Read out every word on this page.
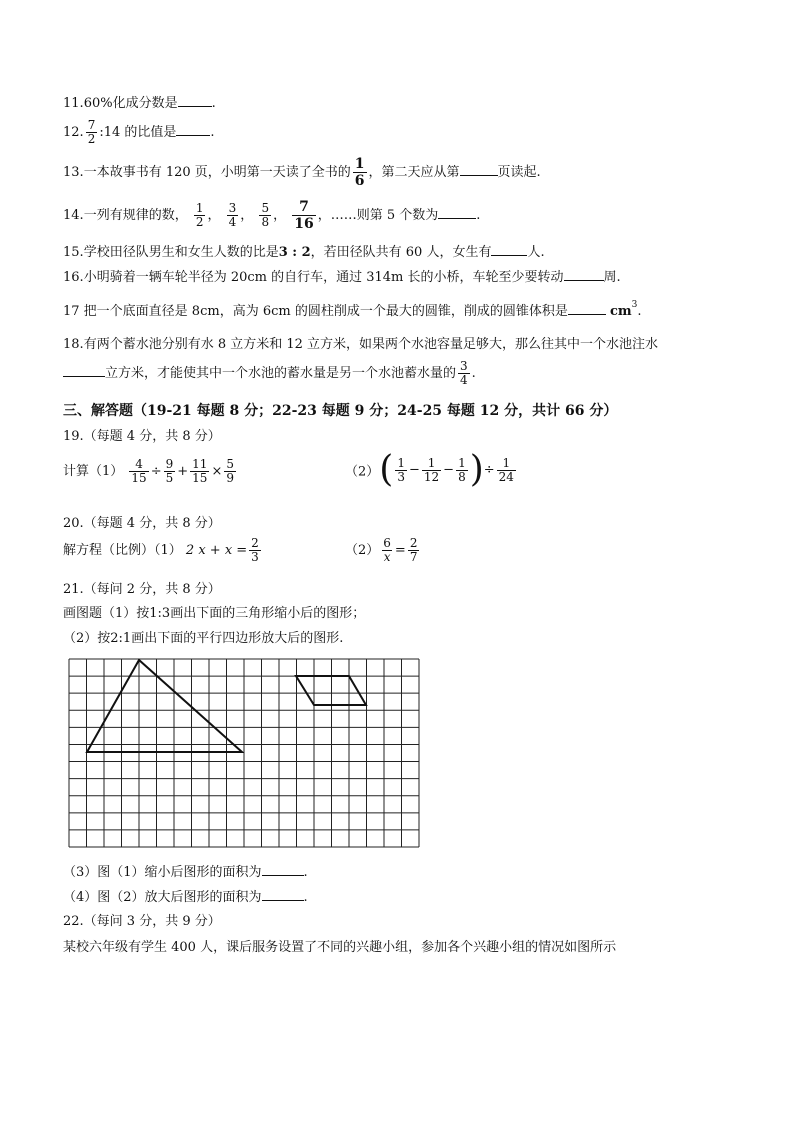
11.60%化成分数是	.
12. $\frac{7}{2}$ :14 的比值是	.
13.一本故事书有 120 页，小明第一天读了全书的 $\frac{1}{6}$ ，第二天应从第	页读起.
14.一列有规律的数， $\frac{1}{2}$ ， $\frac{3}{4}$ ， $\frac{5}{8}$ ， $\frac{7}{16}$ ，……则第 5 个数为	.
15.学校田径队男生和女生人数的比是3 : 2，若田径队共有 60 人，女生有	人.
16.小明骑着一辆车轮半径为 20cm 的自行车，通过 314m 长的小桥，车轮至少要转动	周.
17 把一个底面直径是 8cm，高为 6cm 的圆柱削成一个最大的圆锥，削成的圆锥体积是	$cm^3$.
18.有两个蓄水池分别有水 8 立方米和 12 立方米，如果两个水池容量足够大，那么往其中一个水池注水
立方米，才能使其中一个水池的蓄水量是另一个水池蓄水量的 $\frac{3}{4}$ .
三、解答题（19-21 每题 8 分；22-23 每题 9 分；24-25 每题 12 分，共计 66 分）
19.（每题 4 分，共 8 分）
计算$(1) \frac{4}{15} \div \frac{9}{5} + \frac{11}{15} \times \frac{5}{9}$	$(2)( \frac{1}{3} - \frac{1}{12} - \frac{1}{8}$ )÷ $\frac{1}{24}$
20.（每题 4 分，共 8 分）
解方程（比例）（1） 2 $x + x = \frac{2}{3}$	$(2) \frac{6}{x} = \frac{2}{7}$
21.（每问 2 分，共 8 分）
画图题（1）按1:3画出下面的三角形缩小后的图形；
（2）按2:1画出下面的平行四边形放大后的图形.
（3）图（1）缩小后图形的面积为	.
（4）图（2）放大后图形的面积为	.
22.（每问 3 分，共 9 分）
某校六年级有学生 400 人，课后服务设置了不同的兴趣小组，参加各个兴趣小组的情况如图所示
